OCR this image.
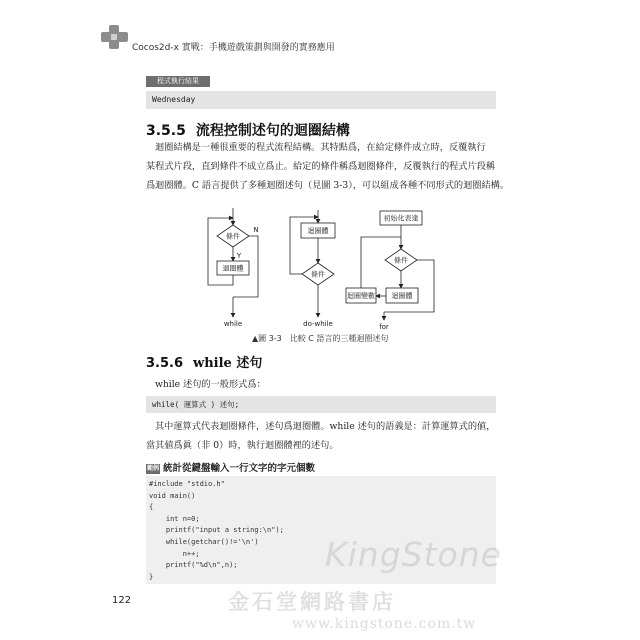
Cocos2d-x 實戰：手機遊戲策劃與開發的實務應用
程式執行結果
Wednesday
3.5.5 流程控制述句的迴圈結構
迴圈結構是一種很重要的程式流程結構。其特點爲，在給定條件成立時，反覆執行
某程式片段，直到條件不成立爲止。給定的條件稱爲迴圈條件，反覆執行的程式片段稱
爲迴圈體。C 語言提供了多種迴圈述句（見圖 3-3），可以組成各種不同形式的迴圈結構。
條件
迴圈體
N
Y
while
迴圈體
條件
do-while
初始化表達
條件
迴圈變數 迴圈體
for
▲圖 3-3　比較 C 語言的三種迴圈述句
3.5.6 while 述句
while 述句的一般形式爲：
while( 運算式 ) 述句;
其中運算式代表迴圈條件，述句爲迴圈體。while 述句的語義是：計算運算式的値，
當其値爲眞（非 0）時，執行迴圈體裡的述句。
範例 統計從鍵盤輸入一行文字的字元個數
#include "stdio.h"
void main()
{
int n=0;
printf("input a string:\n");
while(getchar()!='\n')
n++;
printf("%d\n",n);
}
122
KingStone
金石堂網路書店
www.kingstone.com.tw
